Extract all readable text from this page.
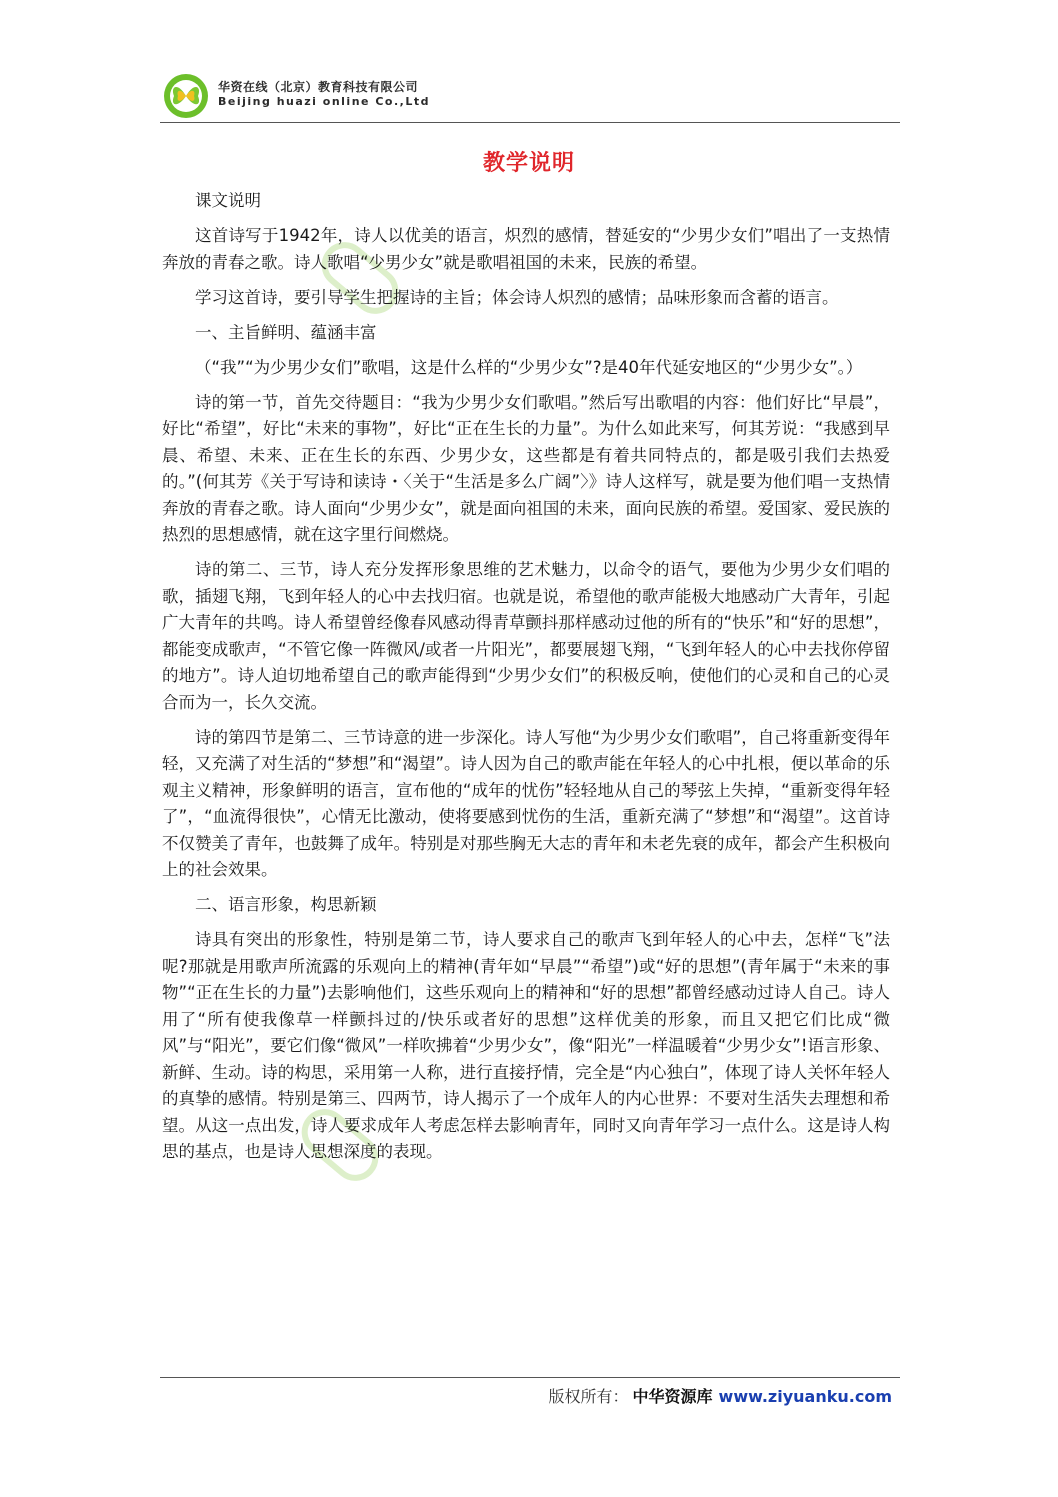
华资在线（北京）教育科技有限公司
Beijing huazi online Co.,Ltd
教学说明

课文说明

这首诗写于1942年，诗人以优美的语言，炽烈的感情，替延安的“少男少女们”唱出了一支热情奔放的青春之歌。诗人歌唱“少男少女”就是歌唱祖国的未来，民族的希望。

学习这首诗，要引导学生把握诗的主旨；体会诗人炽烈的感情；品味形象而含蓄的语言。

一、主旨鲜明、蕴涵丰富

（“我”“为少男少女们”歌唱，这是什么样的“少男少女”?是40年代延安地区的“少男少女”。）

诗的第一节，首先交待题目：“我为少男少女们歌唱。”然后写出歌唱的内容：他们好比“早晨”，好比“希望”，好比“未来的事物”，好比“正在生长的力量”。为什么如此来写，何其芳说：“我感到早晨、希望、未来、正在生长的东西、少男少女，这些都是有着共同特点的，都是吸引我们去热爱的。”(何其芳《关于写诗和读诗・〈关于“生活是多么广阔”〉》诗人这样写，就是要为他们唱一支热情奔放的青春之歌。诗人面向“少男少女”，就是面向祖国的未来，面向民族的希望。爱国家、爱民族的热烈的思想感情，就在这字里行间燃烧。

诗的第二、三节，诗人充分发挥形象思维的艺术魅力，以命令的语气，要他为少男少女们唱的歌，插翅飞翔，飞到年轻人的心中去找归宿。也就是说，希望他的歌声能极大地感动广大青年，引起广大青年的共鸣。诗人希望曾经像春风感动得青草颤抖那样感动过他的所有的“快乐”和“好的思想”，都能变成歌声，“不管它像一阵微风/或者一片阳光”，都要展翅飞翔，“飞到年轻人的心中去找你停留的地方”。诗人迫切地希望自己的歌声能得到“少男少女们”的积极反响，使他们的心灵和自己的心灵合而为一，长久交流。

诗的第四节是第二、三节诗意的进一步深化。诗人写他“为少男少女们歌唱”，自己将重新变得年轻，又充满了对生活的“梦想”和“渴望”。诗人因为自己的歌声能在年轻人的心中扎根，便以革命的乐观主义精神，形象鲜明的语言，宣布他的“成年的忧伤”轻轻地从自己的琴弦上失掉，“重新变得年轻了”，“血流得很快”，心情无比激动，使将要感到忧伤的生活，重新充满了“梦想”和“渴望”。这首诗不仅赞美了青年，也鼓舞了成年。特别是对那些胸无大志的青年和未老先衰的成年，都会产生积极向上的社会效果。

二、语言形象，构思新颖

诗具有突出的形象性，特别是第二节，诗人要求自己的歌声飞到年轻人的心中去，怎样“飞”法呢?那就是用歌声所流露的乐观向上的精神(青年如“早晨”“希望”)或“好的思想”(青年属于“未来的事物”“正在生长的力量”)去影响他们，这些乐观向上的精神和“好的思想”都曾经感动过诗人自己。诗人用了“所有使我像草一样颤抖过的/快乐或者好的思想”这样优美的形象，而且又把它们比成“微风”与“阳光”，要它们像“微风”一样吹拂着“少男少女”，像“阳光”一样温暖着“少男少女”!语言形象、新鲜、生动。诗的构思，采用第一人称，进行直接抒情，完全是“内心独白”，体现了诗人关怀年轻人的真挚的感情。特别是第三、四两节，诗人揭示了一个成年人的内心世界：不要对生活失去理想和希望。从这一点出发，诗人要求成年人考虑怎样去影响青年，同时又向青年学习一点什么。这是诗人构思的基点，也是诗人思想深度的表现。

版权所有： 中华资源库 www.ziyuanku.com
